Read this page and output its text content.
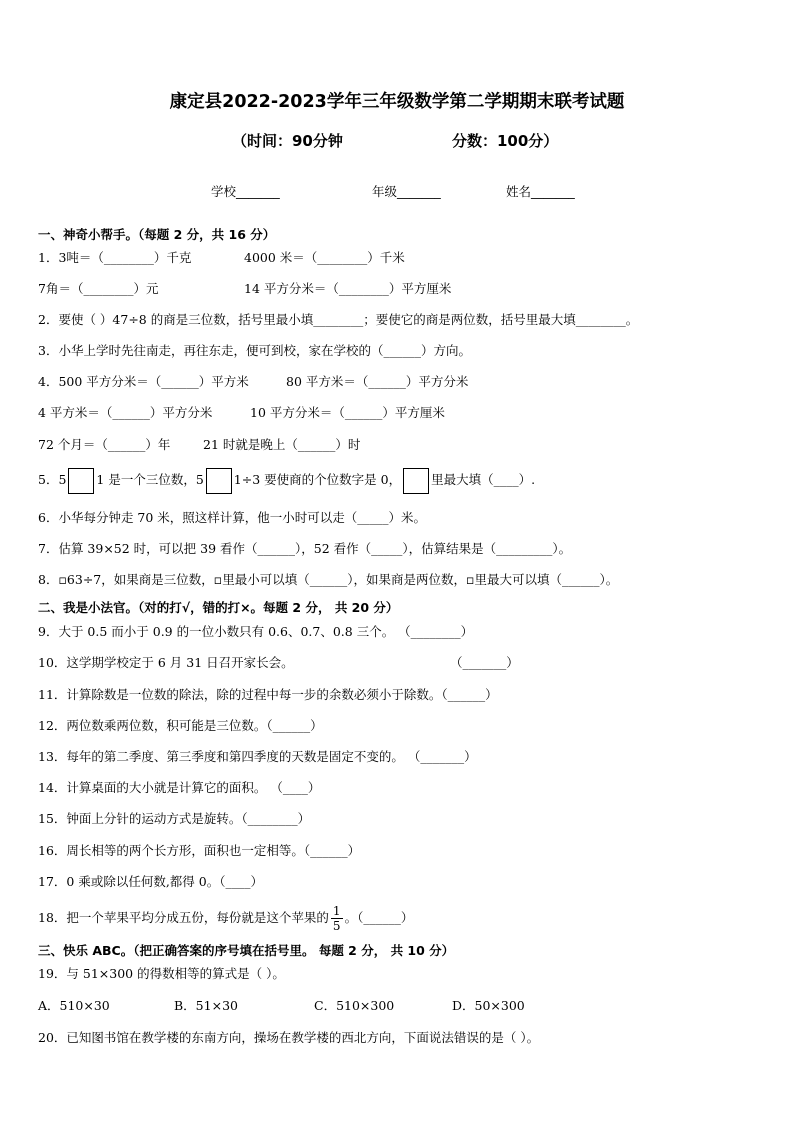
康定县2022-2023学年三年级数学第二学期期末联考试题
（时间：90分钟	分数：100分）
学校_______	年级_______	姓名_______
一、神奇小帮手。（每题 2 分，共 16 分）
1．3吨＝（________）千克	4000 米＝（________）千米
7角＝（________）元	14 平方分米＝（________）平方厘米
2．要使（ ）47÷8 的商是三位数，括号里最小填________；要使它的商是两位数，括号里最大填________。
3．小华上学时先往南走，再往东走，便可到校，家在学校的（______）方向。
4．500 平方分米＝（______）平方米	80 平方米＝（______）平方分米
4 平方米＝（______）平方分米	10 平方分米＝（______）平方厘米
72 个月＝（______）年	21 时就是晚上（______）时
5．5 1 是一个三位数，5 1÷3 要使商的个位数字是 0， 里最大填（____）.
6．小华每分钟走 70 米，照这样计算，他一小时可以走（_____）米。
7．估算 39×52 时，可以把 39 看作（______），52 看作（_____），估算结果是（_________）。
8．▫63÷7，如果商是三位数，▫里最小可以填（______），如果商是两位数，▫里最大可以填（______）。
二、我是小法官。（对的打√，错的打×。每题 2 分， 共 20 分）
9．大于 0.5 而小于 0.9 的一位小数只有 0.6、0.7、0.8 三个。 （________）
10．这学期学校定于 6 月 31 日召开家长会。	（_______）
11．计算除数是一位数的除法，除的过程中每一步的余数必须小于除数。（______）
12．两位数乘两位数，积可能是三位数。（______）
13．每年的第二季度、第三季度和第四季度的天数是固定不变的。 （_______）
14．计算桌面的大小就是计算它的面积。 （____）
15．钟面上分针的运动方式是旋转。（________）
16．周长相等的两个长方形，面积也一定相等。（______）
17．0 乘或除以任何数,都得 0。（____）
18．把一个苹果平均分成五份，每份就是这个苹果的 $\frac{1}{5}$ 。（______）
三、快乐 ABC。（把正确答案的序号填在括号里。 每题 2 分， 共 10 分）
19．与 51×300 的得数相等的算式是（ ）。
A．510×30	B．51×30	C．510×300	D．50×300
20．已知图书馆在教学楼的东南方向，操场在教学楼的西北方向，下面说法错误的是（ ）。
